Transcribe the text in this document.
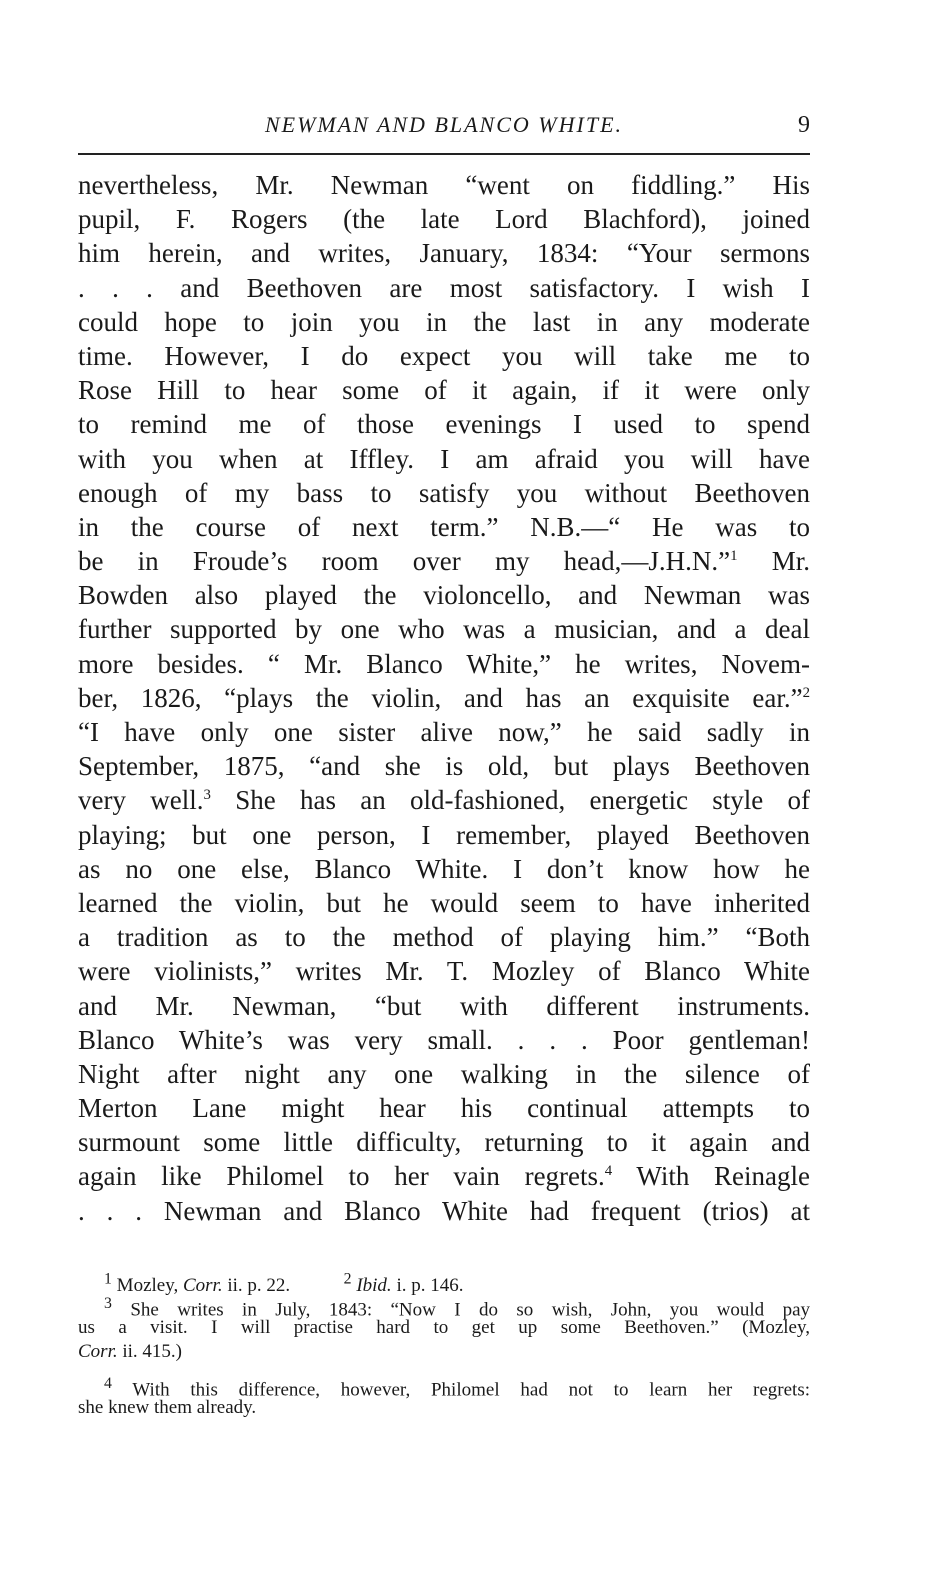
NEWMAN AND BLANCO WHITE.	9
nevertheless, Mr. Newman “went on fiddling.” His
pupil, F. Rogers (the late Lord Blachford), joined
him herein, and writes, January, 1834: “Your sermons
. . . and Beethoven are most satisfactory. I wish I
could hope to join you in the last in any moderate
time. However, I do expect you will take me to
Rose Hill to hear some of it again, if it were only
to remind me of those evenings I used to spend
with you when at Iffley. I am afraid you will have
enough of my bass to satisfy you without Beethoven
in the course of next term.” N.B.—“ He was to
be in Froude’s room over my head,—J.H.N.”$^1$ Mr.
Bowden also played the violoncello, and Newman was
further supported by one who was a musician, and a deal
more besides. “ Mr. Blanco White,” he writes, Novem-
ber, 1826, “plays the violin, and has an exquisite ear.”$^2$
“I have only one sister alive now,” he said sadly in
September, 1875, “and she is old, but plays Beethoven
very well.$^3$ She has an old-fashioned, energetic style of
playing; but one person, I remember, played Beethoven
as no one else, Blanco White. I don’t know how he
learned the violin, but he would seem to have inherited
a tradition as to the method of playing him.” “Both
were violinists,” writes Mr. T. Mozley of Blanco White
and Mr. Newman, “but with different instruments.
Blanco White’s was very small. . . . Poor gentleman!
Night after night any one walking in the silence of
Merton Lane might hear his continual attempts to
surmount some little difficulty, returning to it again and
again like Philomel to her vain regrets.$^4$ With Reinagle
. . . Newman and Blanco White had frequent (trios) at
$^1$ Mozley, Corr. ii. p. 22.	$^2$ Ibid. i. p. 146.
$^3$ She writes in July, 1843: “Now I do so wish, John, you would pay
us a visit. I will practise hard to get up some Beethoven.” (Mozley,
Corr. ii. 415.)
$^4$ With this difference, however, Philomel had not to learn her regrets:
she knew them already.
